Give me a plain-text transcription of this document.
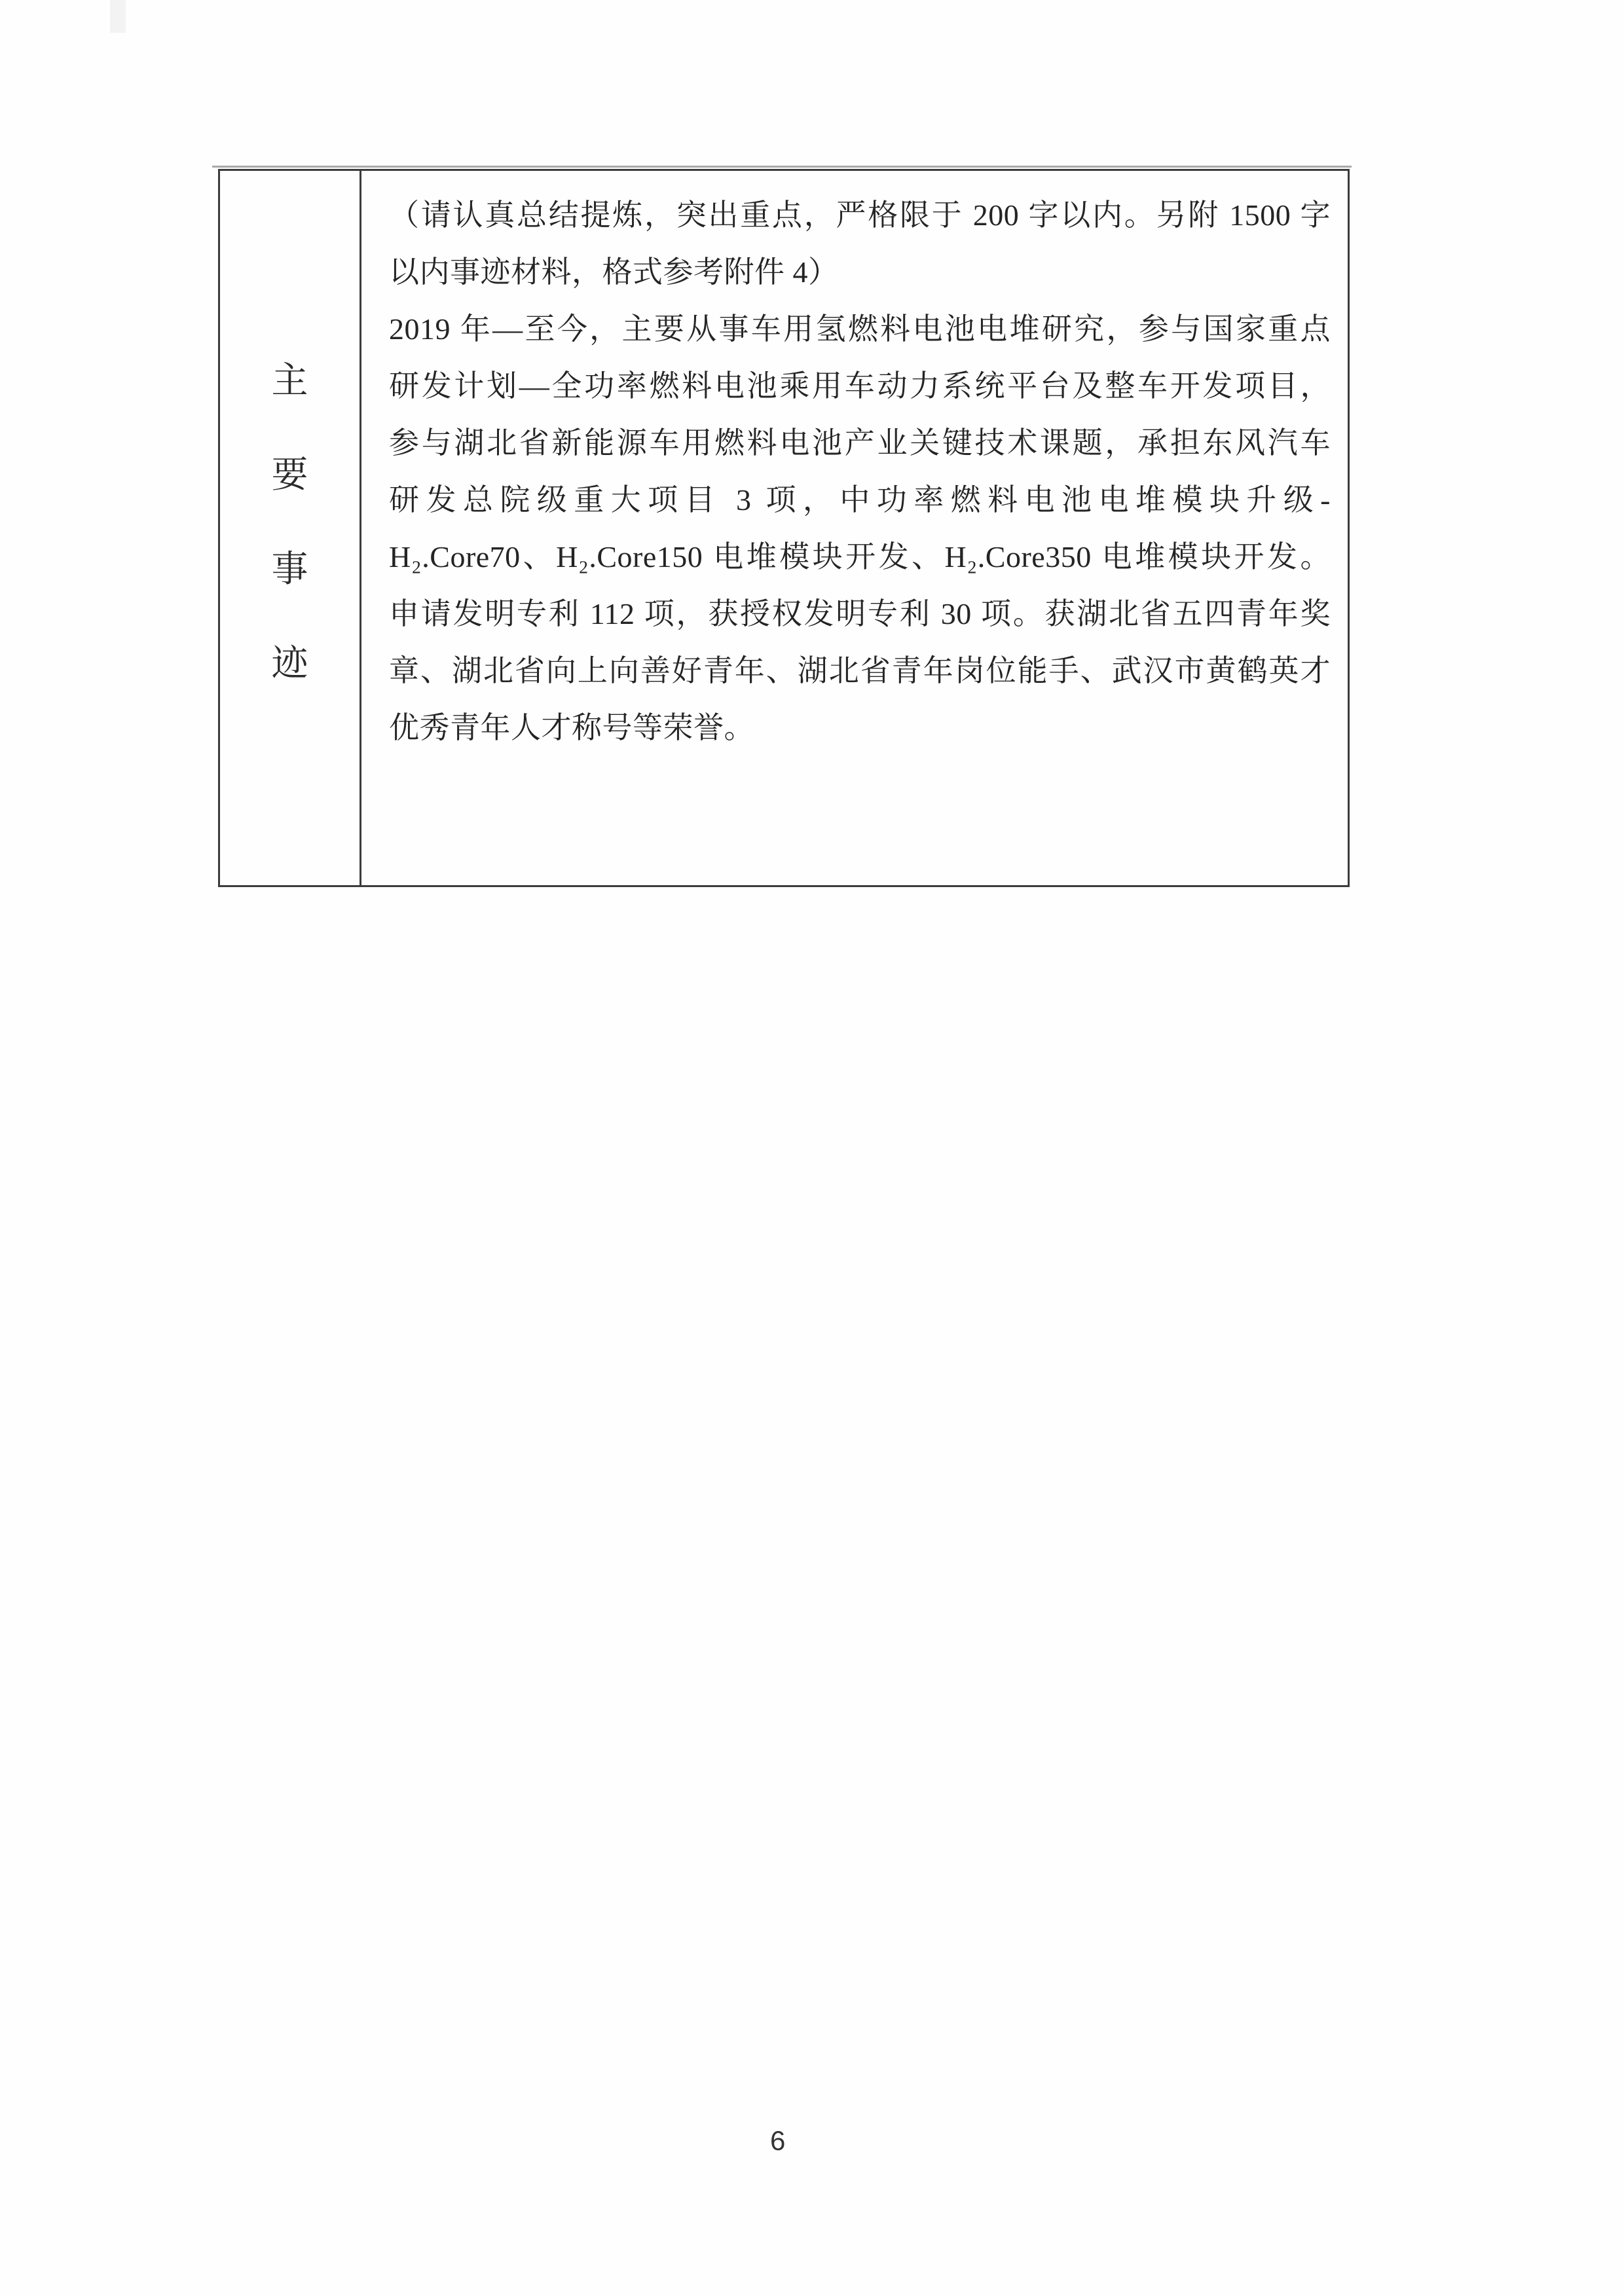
主
要
事
迹
（请认真总结提炼，突出重点，严格限于 200 字以内。另附 1500 字
以内事迹材料，格式参考附件 4）
2019 年—至今，主要从事车用氢燃料电池电堆研究，参与国家重点
研发计划—全功率燃料电池乘用车动力系统平台及整车开发项目，
参与湖北省新能源车用燃料电池产业关键技术课题，承担东风汽车
研发总院级重大项目 3 项，中功率燃料电池电堆模块升级-
H₂.Core70、H₂.Core150 电堆模块开发、H₂.Core350 电堆模块开发。
申请发明专利 112 项，获授权发明专利 30 项。获湖北省五四青年奖
章、湖北省向上向善好青年、湖北省青年岗位能手、武汉市黄鹤英才
优秀青年人才称号等荣誉。
6
